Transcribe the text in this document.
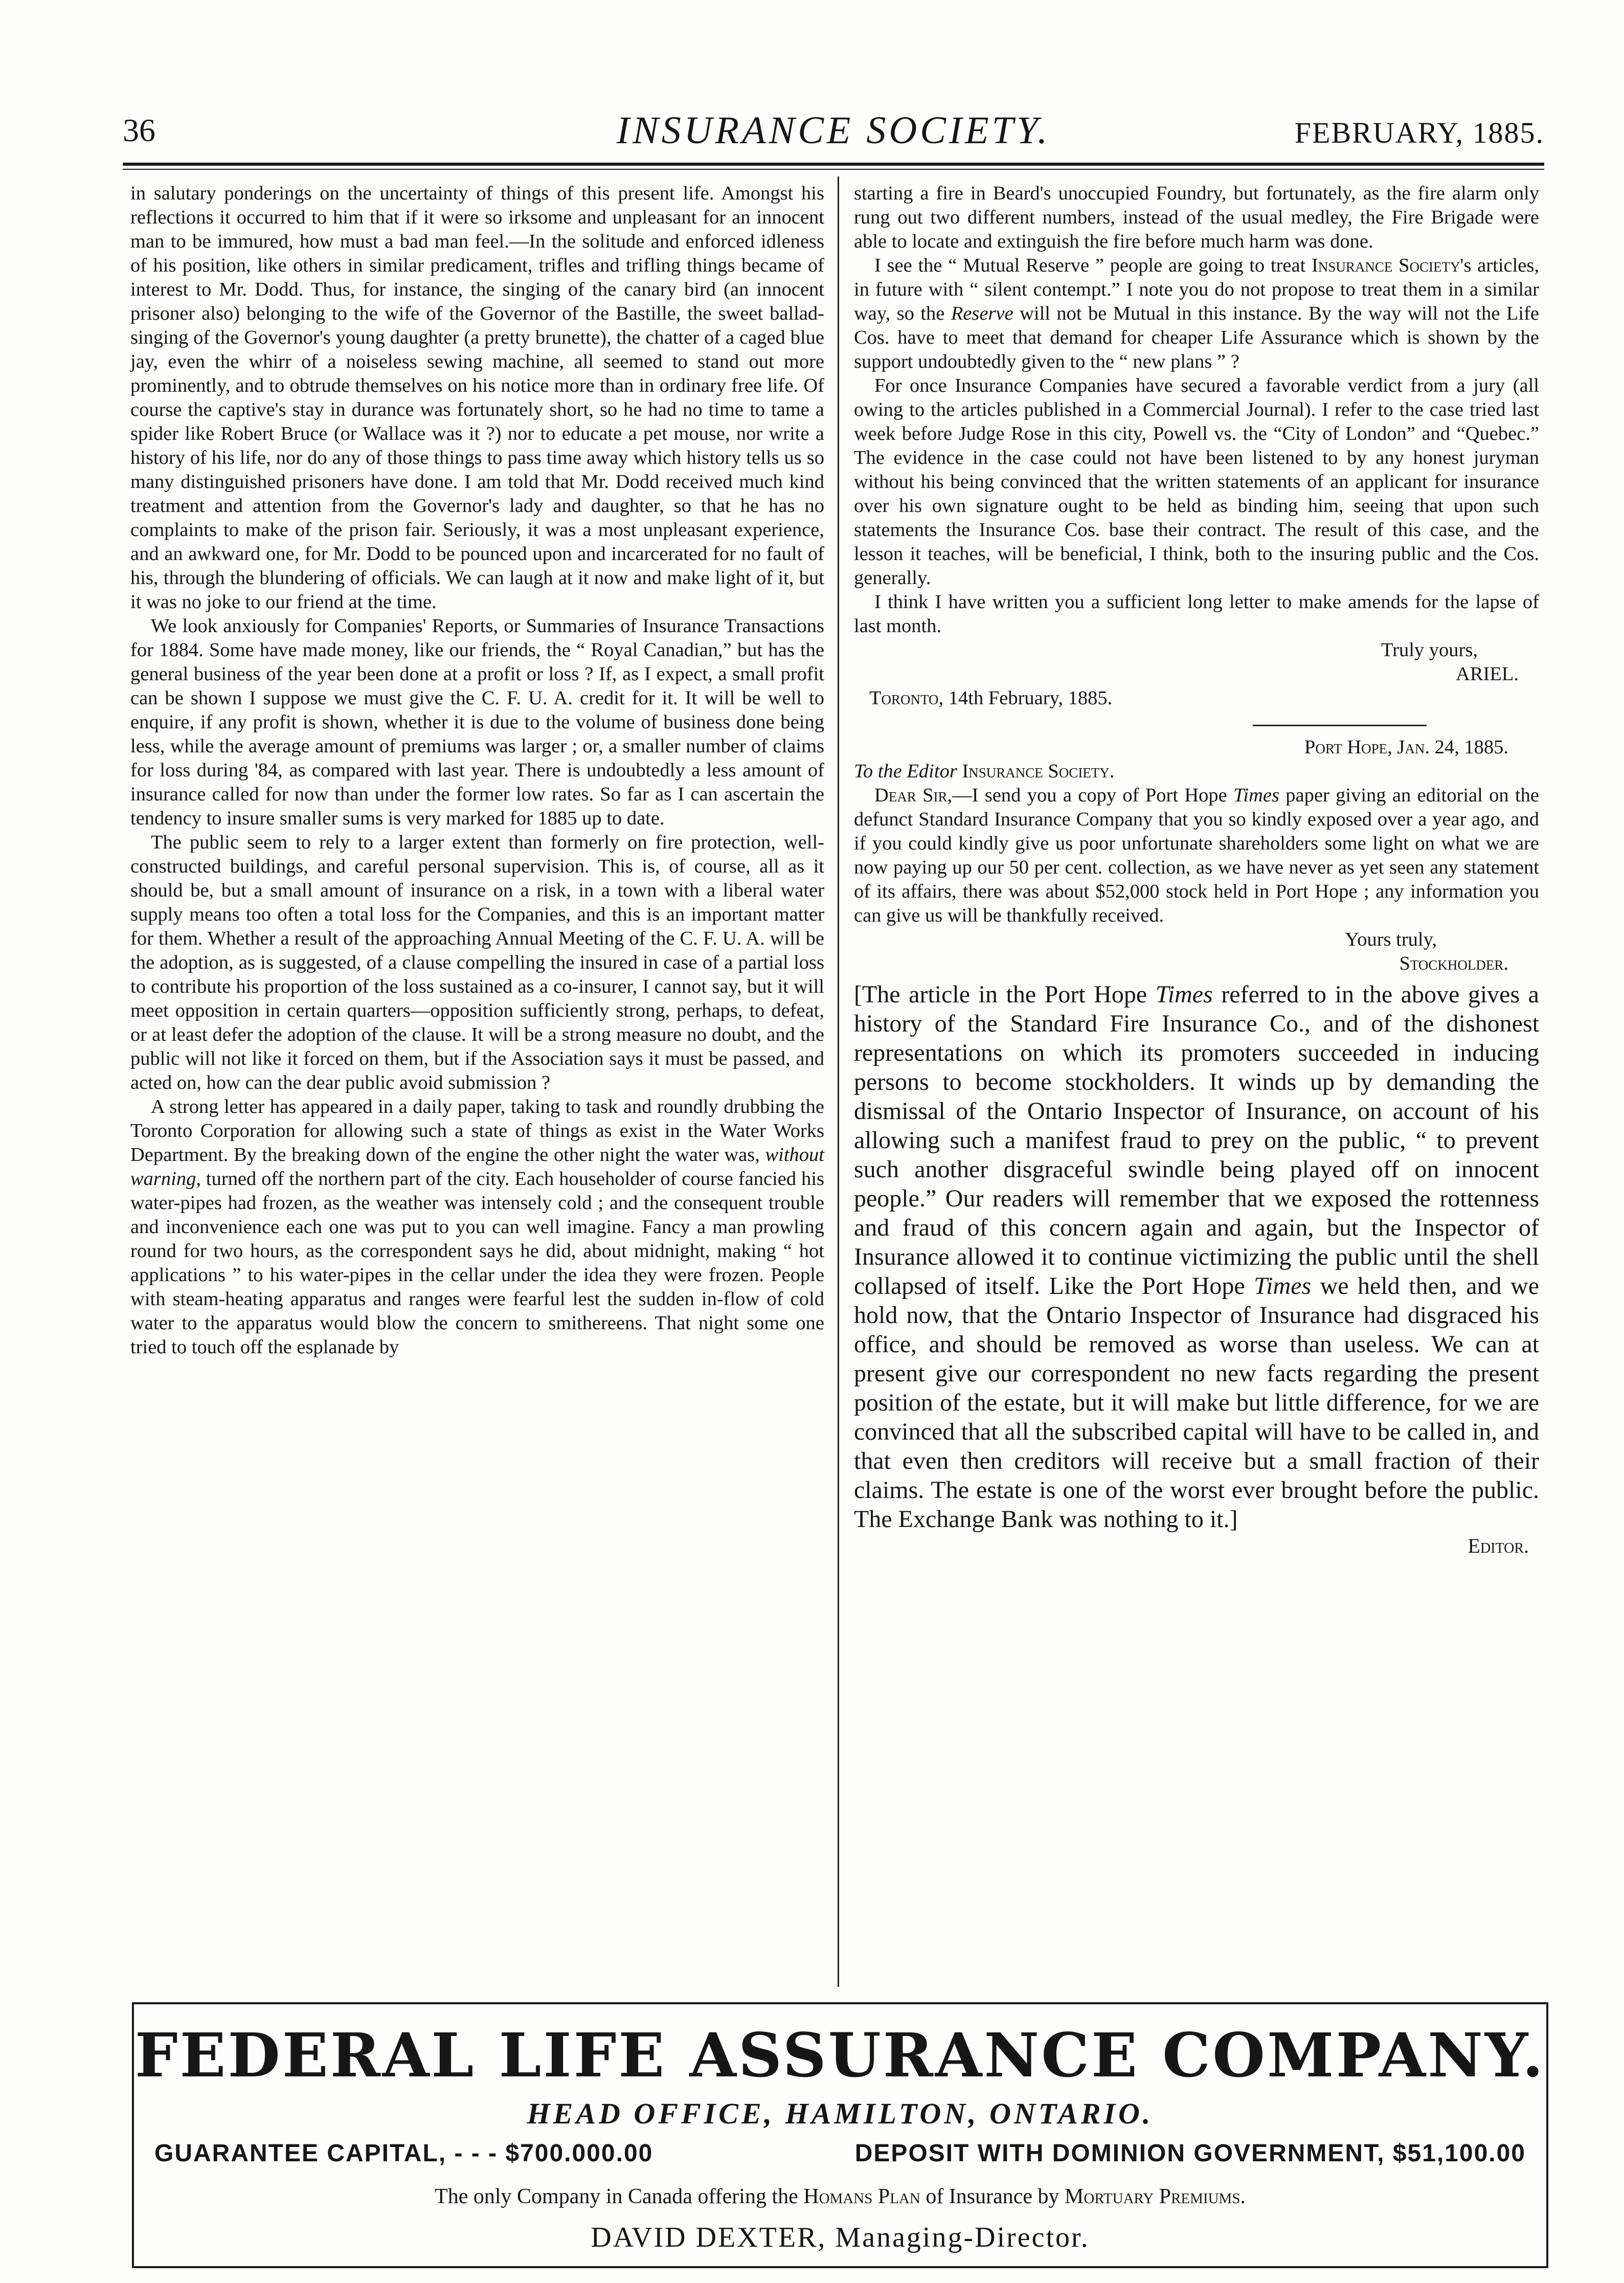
36	INSURANCE SOCIETY.	FEBRUARY, 1885.

in salutary ponderings on the uncertainty of things of this present life. Amongst his reflections it occurred to him that if it were so irksome and unpleasant for an innocent man to be immured, how must a bad man feel.—In the solitude and enforced idleness of his position, like others in similar predicament, trifles and trifling things became of interest to Mr. Dodd. Thus, for instance, the singing of the canary bird (an innocent prisoner also) belonging to the wife of the Governor of the Bastille, the sweet ballad-singing of the Governor's young daughter (a pretty brunette), the chatter of a caged blue jay, even the whirr of a noiseless sewing machine, all seemed to stand out more prominently, and to obtrude themselves on his notice more than in ordinary free life. Of course the captive's stay in durance was fortunately short, so he had no time to tame a spider like Robert Bruce (or Wallace was it ?) nor to educate a pet mouse, nor write a history of his life, nor do any of those things to pass time away which history tells us so many distinguished prisoners have done. I am told that Mr. Dodd received much kind treatment and attention from the Governor's lady and daughter, so that he has no complaints to make of the prison fair. Seriously, it was a most unpleasant experience, and an awkward one, for Mr. Dodd to be pounced upon and incarcerated for no fault of his, through the blundering of officials. We can laugh at it now and make light of it, but it was no joke to our friend at the time.

We look anxiously for Companies' Reports, or Summaries of Insurance Transactions for 1884. Some have made money, like our friends, the “ Royal Canadian,” but has the general business of the year been done at a profit or loss ? If, as I expect, a small profit can be shown I suppose we must give the C. F. U. A. credit for it. It will be well to enquire, if any profit is shown, whether it is due to the volume of business done being less, while the average amount of premiums was larger ; or, a smaller number of claims for loss during '84, as compared with last year. There is undoubtedly a less amount of insurance called for now than under the former low rates. So far as I can ascertain the tendency to insure smaller sums is very marked for 1885 up to date.

The public seem to rely to a larger extent than formerly on fire protection, well-constructed buildings, and careful personal supervision. This is, of course, all as it should be, but a small amount of insurance on a risk, in a town with a liberal water supply means too often a total loss for the Companies, and this is an important matter for them. Whether a result of the approaching Annual Meeting of the C. F. U. A. will be the adoption, as is suggested, of a clause compelling the insured in case of a partial loss to contribute his proportion of the loss sustained as a co-insurer, I cannot say, but it will meet opposition in certain quarters—opposition sufficiently strong, perhaps, to defeat, or at least defer the adoption of the clause. It will be a strong measure no doubt, and the public will not like it forced on them, but if the Association says it must be passed, and acted on, how can the dear public avoid submission ?

A strong letter has appeared in a daily paper, taking to task and roundly drubbing the Toronto Corporation for allowing such a state of things as exist in the Water Works Department. By the breaking down of the engine the other night the water was, without warning, turned off the northern part of the city. Each householder of course fancied his water-pipes had frozen, as the weather was intensely cold ; and the consequent trouble and inconvenience each one was put to you can well imagine. Fancy a man prowling round for two hours, as the correspondent says he did, about midnight, making “ hot applications ” to his water-pipes in the cellar under the idea they were frozen. People with steam-heating apparatus and ranges were fearful lest the sudden in-flow of cold water to the apparatus would blow the concern to smithereens. That night some one tried to touch off the esplanade by

starting a fire in Beard's unoccupied Foundry, but fortunately, as the fire alarm only rung out two different numbers, instead of the usual medley, the Fire Brigade were able to locate and extinguish the fire before much harm was done.

I see the “ Mutual Reserve ” people are going to treat Insurance Society's articles, in future with “ silent contempt.” I note you do not propose to treat them in a similar way, so the Reserve will not be Mutual in this instance. By the way will not the Life Cos. have to meet that demand for cheaper Life Assurance which is shown by the support undoubtedly given to the “ new plans ” ?

For once Insurance Companies have secured a favorable verdict from a jury (all owing to the articles published in a Commercial Journal). I refer to the case tried last week before Judge Rose in this city, Powell vs. the “City of London” and “Quebec.” The evidence in the case could not have been listened to by any honest juryman without his being convinced that the written statements of an applicant for insurance over his own signature ought to be held as binding him, seeing that upon such statements the Insurance Cos. base their contract. The result of this case, and the lesson it teaches, will be beneficial, I think, both to the insuring public and the Cos. generally.

I think I have written you a sufficient long letter to make amends for the lapse of last month.

Truly yours,

ARIEL.

Toronto, 14th February, 1885.

Port Hope, Jan. 24, 1885.

To the Editor Insurance Society.

Dear Sir,—I send you a copy of Port Hope Times paper giving an editorial on the defunct Standard Insurance Company that you so kindly exposed over a year ago, and if you could kindly give us poor unfortunate shareholders some light on what we are now paying up our 50 per cent. collection, as we have never as yet seen any statement of its affairs, there was about $52,000 stock held in Port Hope ; any information you can give us will be thankfully received.

Yours truly,

Stockholder.

[The article in the Port Hope Times referred to in the above gives a history of the Standard Fire Insurance Co., and of the dishonest representations on which its promoters succeeded in inducing persons to become stockholders. It winds up by demanding the dismissal of the Ontario Inspector of Insurance, on account of his allowing such a manifest fraud to prey on the public, “ to prevent such another disgraceful swindle being played off on innocent people.” Our readers will remember that we exposed the rottenness and fraud of this concern again and again, but the Inspector of Insurance allowed it to continue victimizing the public until the shell collapsed of itself. Like the Port Hope Times we held then, and we hold now, that the Ontario Inspector of Insurance had disgraced his office, and should be removed as worse than useless. We can at present give our correspondent no new facts regarding the present position of the estate, but it will make but little difference, for we are convinced that all the subscribed capital will have to be called in, and that even then creditors will receive but a small fraction of their claims. The estate is one of the worst ever brought before the public. The Exchange Bank was nothing to it.]

Editor.

FEDERAL LIFE ASSURANCE COMPANY.
HEAD OFFICE, HAMILTON, ONTARIO.
GUARANTEE CAPITAL, - - - $700.000.00	DEPOSIT WITH DOMINION GOVERNMENT, $51,100.00
The only Company in Canada offering the Homans Plan of Insurance by Mortuary Premiums.
DAVID DEXTER, Managing-Director.
